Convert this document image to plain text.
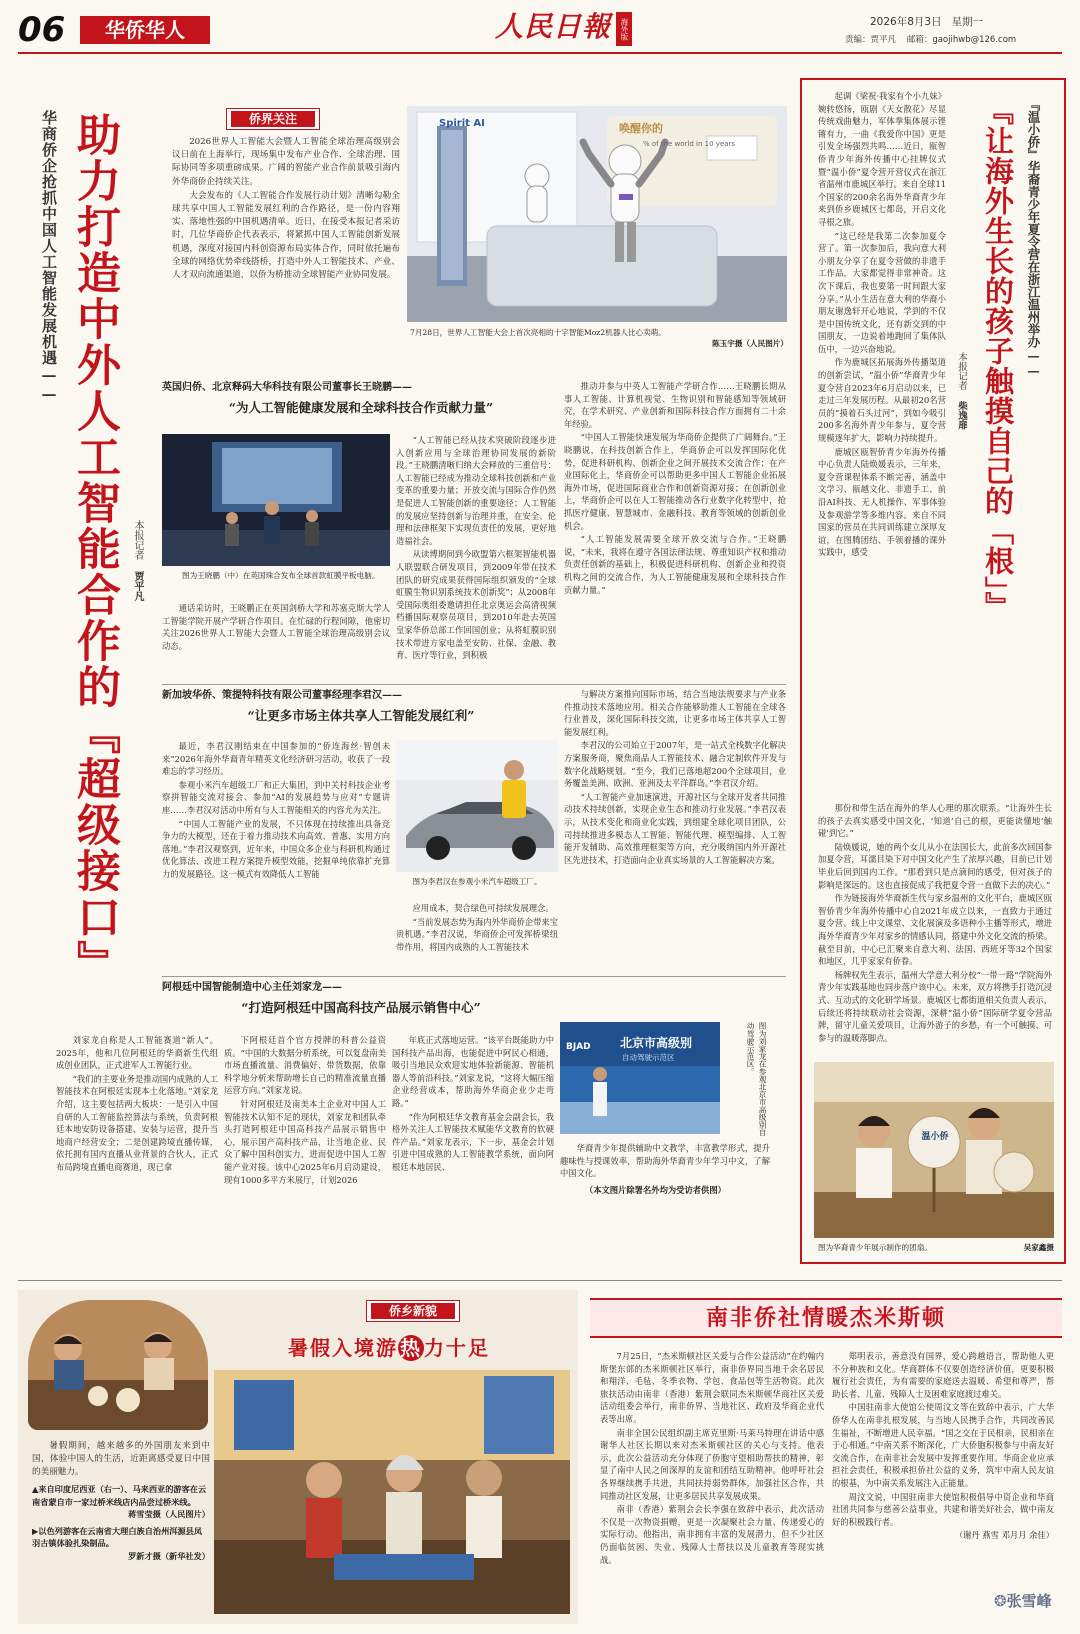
06	华侨华人	人民日報	海外版	2026年8月3日 星期一
责编：贾平凡 邮箱：gaojihwb@126.com
华商侨企抢抓中国人工智能发展机遇—— 助力打造中外人工智能合作的『超级接口』
本报记者 贾平凡
侨界关注

2026世界人工智能大会暨人工智能全球治理高级别会议日前在上海举行，现场集中发布产业合作、全球治理、国际协同等多项重磅成果。广阔的智能产业合作前景吸引海内外华商侨企持续关注。

大会发布的《人工智能合作发展行动计划》清晰勾勒全球共享中国人工智能发展红利的合作路径，是一份内容翔实、落地性强的中国机遇清单。近日，在接受本报记者采访时，几位华商侨企代表表示，将紧抓中国人工智能创新发展机遇，深度对接国内科创资源布局实体合作，同时依托遍布全球的网络优势牵线搭桥，打造中外人工智能技术、产业、人才双向流通渠道，以侨为桥推动全球智能产业协同发展。

Spirit AI	唤醒你的
% of the world in 10 years
7月28日，世界人工智能大会上首次亮相的十字智能Moz2机器人比心卖萌。
陈玉宇摄（人民图片）
英国归侨、北京释码大华科技有限公司董事长王晓鹏——
“为人工智能健康发展和全球科技合作贡献力量”
图为王晓鹏（中）在英国珠合发布全球首款虹膜平板电脑。

通话采访时，王晓鹏正在英国剑桥大学和苏塞克斯大学人工智能学院开展产学研合作项目。在忙碌的行程间隙，他密切关注2026世界人工智能大会暨人工智能全球治理高级别会议动态。

“人工智能已经从技术突破阶段逐步进入创新应用与全球治理协同发展的新阶段。”王晓鹏清晰归纳大会释放的三重信号：人工智能已经成为推动全球科技创新和产业变革的重要力量；开放交流与国际合作仍然是促进人工智能创新的重要途径；人工智能的发展应坚持创新与治理并重，在安全、伦理和法律框架下实现负责任的发展，更好地造福社会。

从读博期间到今欧盟第六框架智能机器人联盟联合研发项目，到2009年带在技术团队的研究成果获得国际组织颁发的“全球虹膜生物识别系统技术创新奖”；从2008年受国际奥组委邀请担任北京奥运会高清视频档播国际观察员项目，到2010年赴去英国皇家华侨总部工作回国创业；从将虹膜识别技术带进方家电盖至安防、社保、金融、教育、医疗等行业，到积极

推动并参与中英人工智能产学研合作……王晓鹏长期从事人工智能、计算机视觉、生物识别和智能感知等领域研究，在学术研究、产业创新和国际科技合作方面拥有二十余年经验。

“中国人工智能快速发展为华商侨企提供了广阔舞台。”王晓鹏说，在科技创新合作上，华商侨企可以发挥国际化优势，促进科研机构、创新企业之间开展技术交流合作；在产业国际化上，华商侨企可以帮助更多中国人工智能企业拓展海外市场，促进国际商业合作和创新资源对接；在创新创业上，华商侨企可以在人工智能推动各行业数字化转型中，抢抓医疗健康、智慧城市、金融科技、教育等领域的创新创业机会。

“人工智能发展需要全球开放交流与合作。”王晓鹏说，“未来，我将在遵守各国法律法规、尊重知识产权和推动负责任创新的基础上，积极促进科研机构、创新企业和投资机构之间的交流合作，为人工智能健康发展和全球科技合作贡献力量。”

新加坡华侨、策提特科技有限公司董事经理李君汉——
“让更多市场主体共享人工智能发展红利”

最近，李君汉刚结束在中国参加的“侨连海丝·智创未来”2026年海外华裔青年精英文化经济研习活动，收获了一段难忘的学习经历。

参观小米汽车超级工厂和正大集团，到中关村科技企业考察拼智能交流对接会、参加“AI的发展趋势与应对”专题讲座……李君汉对活动中所有与人工智能相关的内容尤为关注。

“中国人工智能产业的发展，不只体现在持续推出具备竞争力的大模型，还在于着力推动技术向高效、普惠、实用方向落地。”李君汉观察到，近年来，中国众多企业与科研机构通过优化算法、改进工程方案提升模型效能，挖掘单纯依靠扩充算力的发展路径。这一模式有效降低人工智能

图为李君汉在参观小米汽车超级工厂。

应用成本，契合绿色可持续发展理念。

“当前发展态势为海内外华商侨企带来宝贵机遇。”李君汉说，华商侨企可发挥桥梁纽带作用，将国内成熟的人工智能技术

与解决方案推向国际市场，结合当地法规要求与产业条件推动技术落地应用。相关合作能够助推人工智能在全球各行业普及，深化国际科技交流，让更多市场主体共享人工智能发展红利。

李君汉的公司始立于2007年，是一站式全栈数字化解决方案服务商，聚焦商品人工智能技术、融合定制软件开发与数字化战略规划。“至今，我们已落地超200个全球项目，业务覆盖美洲、欧洲、亚洲及太平洋群岛。”李君汉介绍。

“人工智能产业加速演进，开源社区与全球开发者共同推动技术持续创新，实现企业生态和推动行业发展。”李君汉表示，从技术变化和商业化实践，到组建全球化项目团队，公司持续推进多模态人工智能、智能代理、模型编排、人工智能开发辅助、高效推理框架等方向，充分吸纳国内外开源社区先进技术，打造面向企业真实场景的人工智能解决方案。

阿根廷中国智能制造中心主任刘家龙——
“打造阿根廷中国高科技产品展示销售中心”

刘家龙自称是人工智能赛道“新人”。2025年，他和几位阿根廷的华裔新生代组成创业团队，正式进军人工智能行业。

“我们的主要业务是推动国内成熟的人工智能技术在阿根廷实现本土化落地。”刘家龙介绍，这主要包括两大板块：一是引入中国自研的人工智能监控算法与系统，负责阿根廷本地安防设备搭建、安装与运营，提升当地商户经营安全；二是创建跨境直播传媒，依托拥有国内直播从业背景的合伙人，正式布局跨境直播电商赛道，现已拿

下阿根廷首个官方授牌的科普公益资质。“中国的大数据分析系统，可以复盘南美市场直播流量、消费偏好、带货数据，依靠科学地分析来帮助增长自己的精准流量直播运营方向。”刘家龙说。

针对阿根廷及南美本土企业对中国人工智能技术认知不足的现状，刘家龙和团队牵头打造阿根廷中国高科技产品展示销售中心，展示国产高科技产品，让当地企业、民众了解中国科创实力，进而促进中国人工智能产业对接。该中心2025年6月启动建设，现有1000多平方米展厅，计划2026

年底正式落地运营。“该平台既能助力中国科技产品出海，也能促进中阿民心相通，吸引当地民众欢迎实地体验新能源、智能机器人等前沿科技。”刘家龙说，“这将大幅压缩企业经营成本，帮助海外华商企业少走弯路。”

“作为阿根廷华文教育基金会副会长，我格外关注人工智能技术赋能华文教育的软硬件产品。”刘家龙表示，下一步，基金会计划引进中国成熟的人工智能教学系统，面向阿根廷本地居民、

北京市高级别
自动驾驶示范区
BJAD	图为刘家龙在参观北京市高级别自动驾驶示范区。

华裔青少年提供辅助中文教学，丰富教学形式，提升趣味性与授课效率，帮助海外华裔青少年学习中文，了解中国文化。

（本文图片除署名外均为受访者供图）

『温小侨』华裔青少年夏令营在浙江温州举办——
『让海外生长的孩子触摸自己的「根」』
本报记者 柴逸扉

起调《梁祝·我家有个小九妹》婉转悠扬，瓯剧《天女散花》尽显传统戏曲魅力，军体拳集体展示铿锵有力，一曲《我爱你中国》更是引发全场强烈共鸣……近日，瓯智侨青少年海外传播中心挂牌仪式暨“温小侨”夏令营开营仪式在浙江省温州市鹿城区举行。来自全球11个国家的200余名海外华裔青少年来到侨乡鹿城区七都岛，开启文化寻根之旅。

“这已经是我第二次参加夏令营了。第一次参加后，我向意大利小朋友分享了在夏令营做的非遗手工作品，大家都觉得非常神奇。这次下课后，我也要第一时间跟大家分享。”从小生活在意大利的华裔小朋友谢逸轩开心地说，学到的不仅是中国传统文化，还有新交到的中国朋友，一边说着地跑回了集体队伍中，一边兴奋地说。

作为鹿城区拓展海外传播渠道的创新尝试，“温小侨”华裔青少年夏令营自2023年6月启动以来，已走过三年发展历程。从最初20名营员的“摸着石头过河”，到如今吸引200多名海外青少年参与，夏令营规模逐年扩大，影响力持续提升。

鹿城区瓯智侨青少年海外传播中心负责人陆焕媛表示，三年来，夏令营课程体系不断完善，涵盖中文学习、瓯越文化、非遗手工、前沿AI科技、无人机操作、军事体验及参观游学等多维内容。来自不同国家的营员在共同训练建立深厚友谊，在图腾团结、手领着播的课外实践中，感受

那份和带生活在海外的华人心理的那次联系。“让海外生长的孩子去真实感受中国文化，‘知道’自己的根，更能读懂地‘触碰’到它。”

陆焕媛说，她的两个女儿从小在法国长大，此前多次回国参加夏令营，耳濡目染下对中国文化产生了浓厚兴趣，目前已计划毕业后回到国内工作。“那看到只是点滴间的感受，但对孩子的影响是深远的。这也直接促成了我把夏令营一直做下去的决心。”

作为链接海外华裔新生代与家乡温州的文化平台，鹿城区瓯智侨青少年海外传播中心自2021年成立以来，一直致力于通过夏令营、线上中文课堂、文化展演及多语种小主播等形式，增进海外华裔青少年对家乡的情感认同，搭建中外文化交流的桥梁。截至目前，中心已汇聚来自意大利、法国、西班牙等32个国家和地区，几乎家家有侨眷。

杨牌权先生表示，温州大学意大利分校“一带一路”学院海外青少年实践基地也同步落户该中心。未来，双方将携手打造沉浸式、互动式的文化研学场景。鹿城区七都街道相关负责人表示，后续还将持续联动社会资源，深耕“温小侨”国际研学夏令营品牌，留守儿童关爱项目，让海外游子的乡愁，有一个可触摸、可参与的温暖落脚点。

温小侨
图为华裔青少年展示制作的团扇。	吴家鑫摄
侨乡新貌
暑假入境游 热 力十足

暑假期间，越来越多的外国朋友来到中国，体验中国人的生活，近距离感受夏日中国的美丽魅力。

▲来自印度尼西亚（右一）、马来西亚的游客在云南省蒙自市一家过桥米线店内品尝过桥米线。

蒋雪莹摄（人民图片）

▶以色列游客在云南省大理白族自治州洱源县凤羽古镇体验扎染制品。

罗新才摄（新华社发）

南非侨社情暖杰米斯顿

7月25日，“杰米斯顿社区关爱与合作公益活动”在约翰内斯堡东部的杰米斯顿社区举行，南非侨界同当地千余名居民和翔洋、毛毡、冬季衣物、学包、食品包等生活物资。此次旅扶活动由南非（香港）紫荆会联同杰米斯顿华商社区关爱活动组委会举行，南非侨界、当地社区、政府及华商企业代表等出席。

南非全国公民组织副主席克里斯·马莱马特理在讲话中感谢华人社区长期以来对杰米斯顿社区的关心与支持。他表示，此次公益活动充分体现了侨胞守望相助帮扶的精神，彰显了南中人民之间深厚的友谊和团结互助精神。他呼吁社会各界继续携手共进，共同扶持弱势群体，加强社区合作，共同推动社区发展，让更多居民共享发展成果。

南非（香港）紫荆会会长李强在致辞中表示，此次活动不仅是一次物资捐赠，更是一次凝聚社会力量、传递爱心的实际行动。他指出，南非拥有丰富的发展潜力，但不少社区仍面临贫困、失业、残障人士帮扶以及儿童教育等现实挑战。

郑明表示，善意没有国界，爱心跨越语言，帮助他人更不分种族和文化。华商群体不仅要创造经济价值，更要积极履行社会责任，为有需要的家庭送去温暖、希望和尊严，帮助长者、儿童、残障人士及困难家庭渡过难关。

中国驻南非大使馆公使周汶文等在致辞中表示，广大华侨华人在南非扎根发展，与当地人民携手合作，共同改善民生福祉，不断增进人民幸福。“国之交在于民相亲，民相亲在于心相通。”中南关系不断深化，广大侨胞积极参与中南友好交流合作，在南非社会发展中发挥重要作用。华商企业应承担社会责任，积极承担侨社公益的义务，筑牢中南人民友谊的根基，为中南关系发展注入正能量。

周汶文说，中国驻南非大使馆积极倡导中资企业和华商社团共同参与慈善公益事业，共建和谐美好社会，做中南友好的积极践行者。

（谢丹 燕雪 邓月月 余佳）

❂张雪峰
